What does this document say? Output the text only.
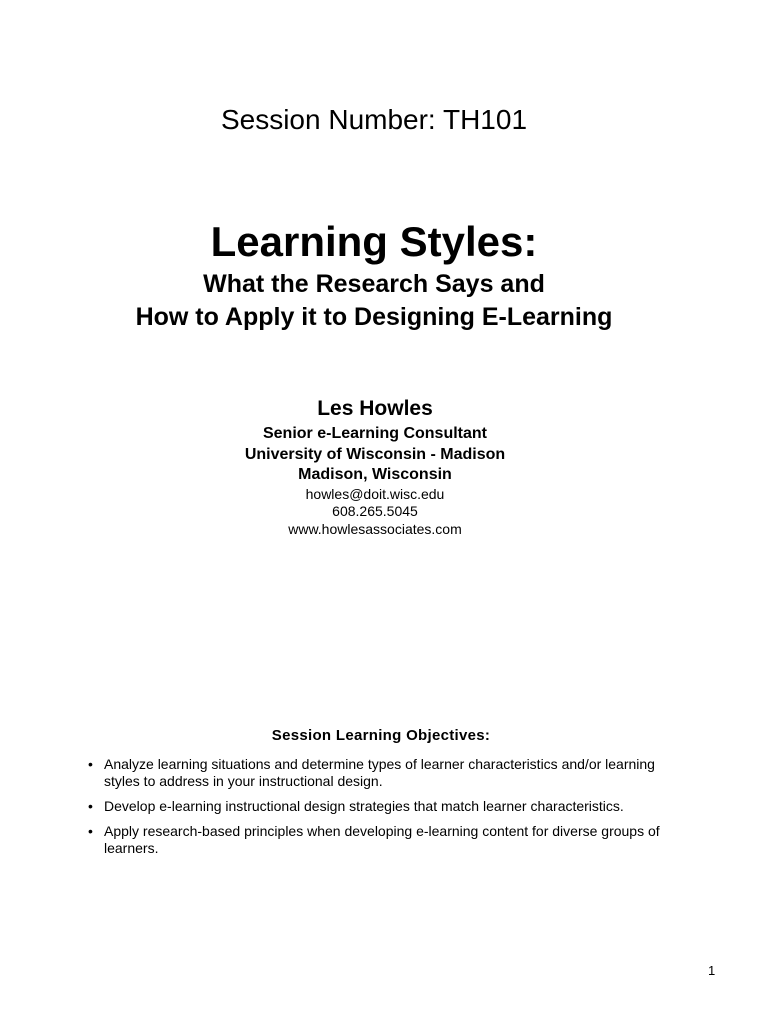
Session Number: TH101

Learning Styles:
What the Research Says and
How to Apply it to Designing E-Learning

Les Howles

Senior e-Learning Consultant

University of Wisconsin - Madison

Madison, Wisconsin

howles@doit.wisc.edu

608.265.5045

www.howlesassociates.com

Session Learning Objectives:

• Analyze learning situations and determine types of learner characteristics and/or learning styles to address in your instructional design.
• Develop e-learning instructional design strategies that match learner characteristics.
• Apply research-based principles when developing e-learning content for diverse groups of learners.
1
